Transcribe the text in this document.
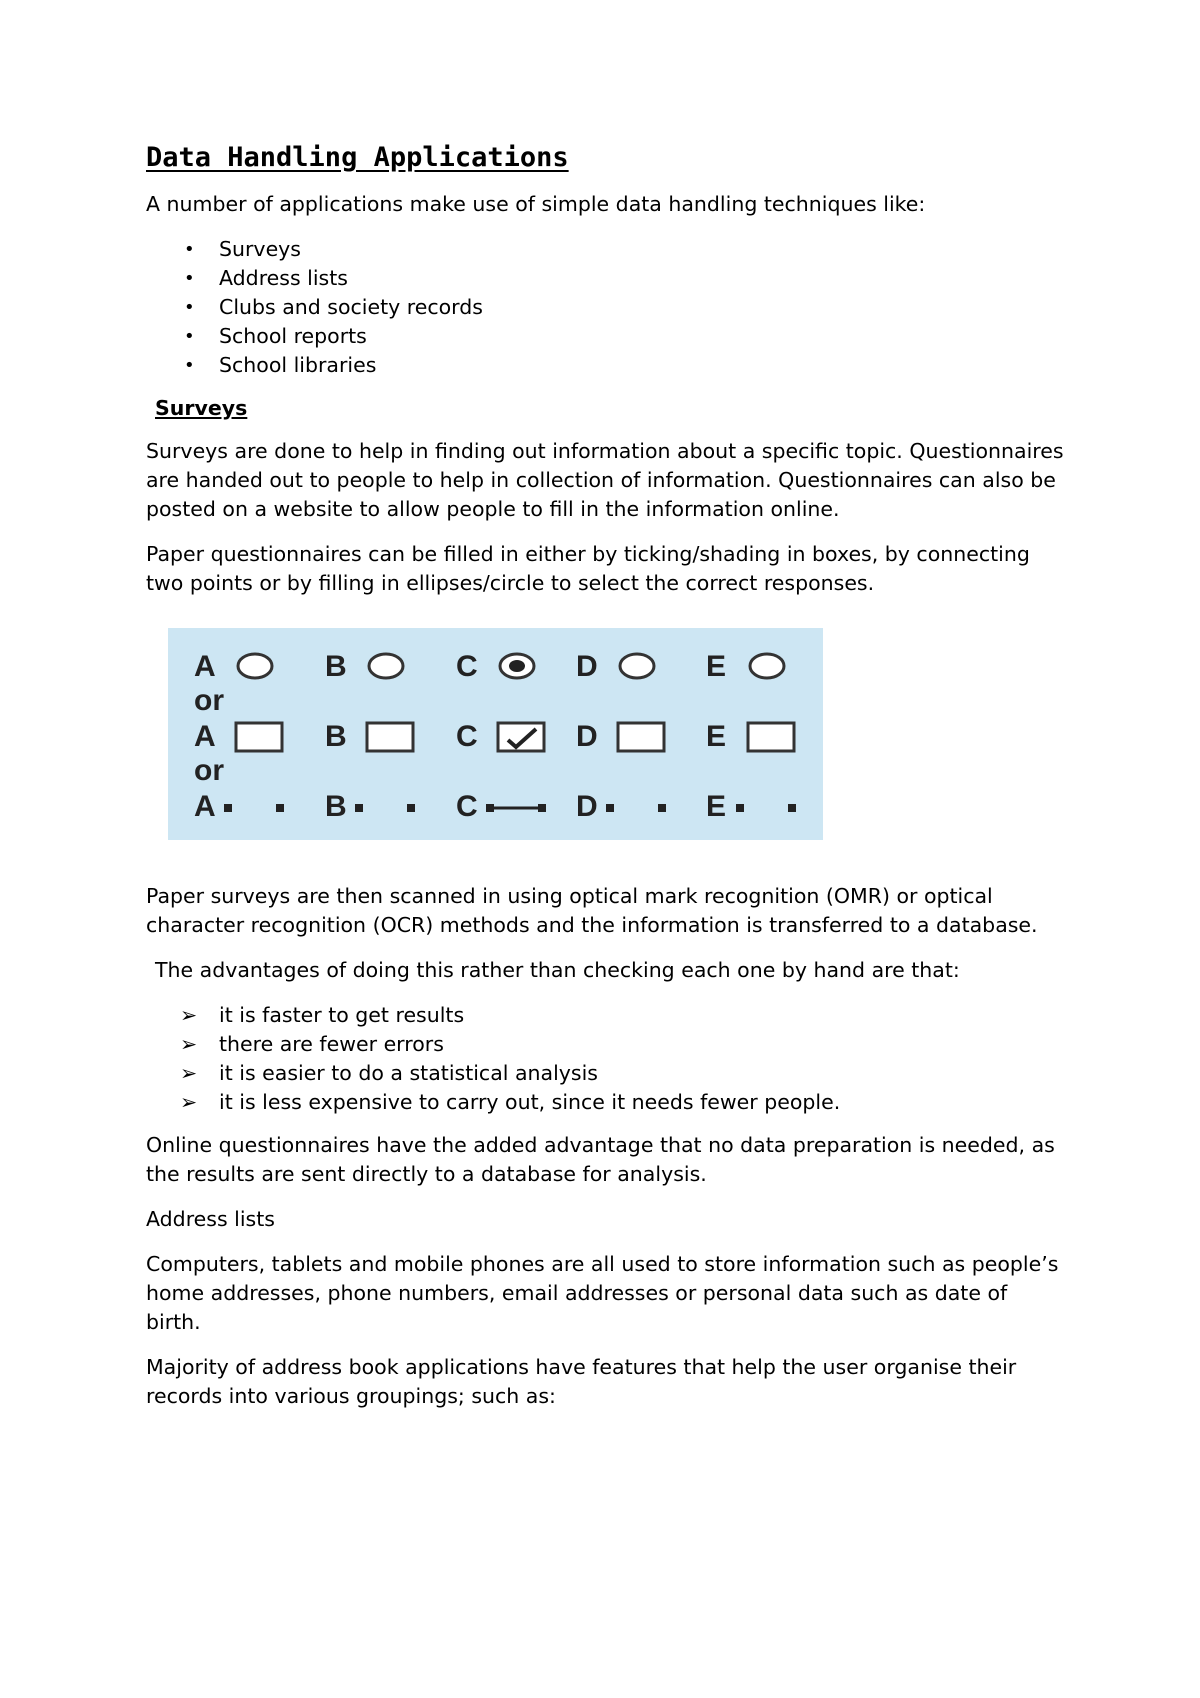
Data Handling Applications

A number of applications make use of simple data handling techniques like:

• Surveys
• Address lists
• Clubs and society records
• School reports
• School libraries
Surveys

Surveys are done to help in finding out information about a specific topic. Questionnaires are handed out to people to help in collection of information. Questionnaires can also be posted on a website to allow people to fill in the information online.

Paper questionnaires can be filled in either by ticking/shading in boxes, by connecting two points or by filling in ellipses/circle to select the correct responses.

A
A
A
B
B
B
C
C
C
D
D
D
E
E
E
or
or

Paper surveys are then scanned in using optical mark recognition (OMR) or optical character recognition (OCR) methods and the information is transferred to a database.

The advantages of doing this rather than checking each one by hand are that:

➢ it is faster to get results
➢ there are fewer errors
➢ it is easier to do a statistical analysis
➢ it is less expensive to carry out, since it needs fewer people.

Online questionnaires have the added advantage that no data preparation is needed, as the results are sent directly to a database for analysis.

Address lists

Computers, tablets and mobile phones are all used to store information such as people’s home addresses, phone numbers, email addresses or personal data such as date of birth.

Majority of address book applications have features that help the user organise their records into various groupings; such as:
